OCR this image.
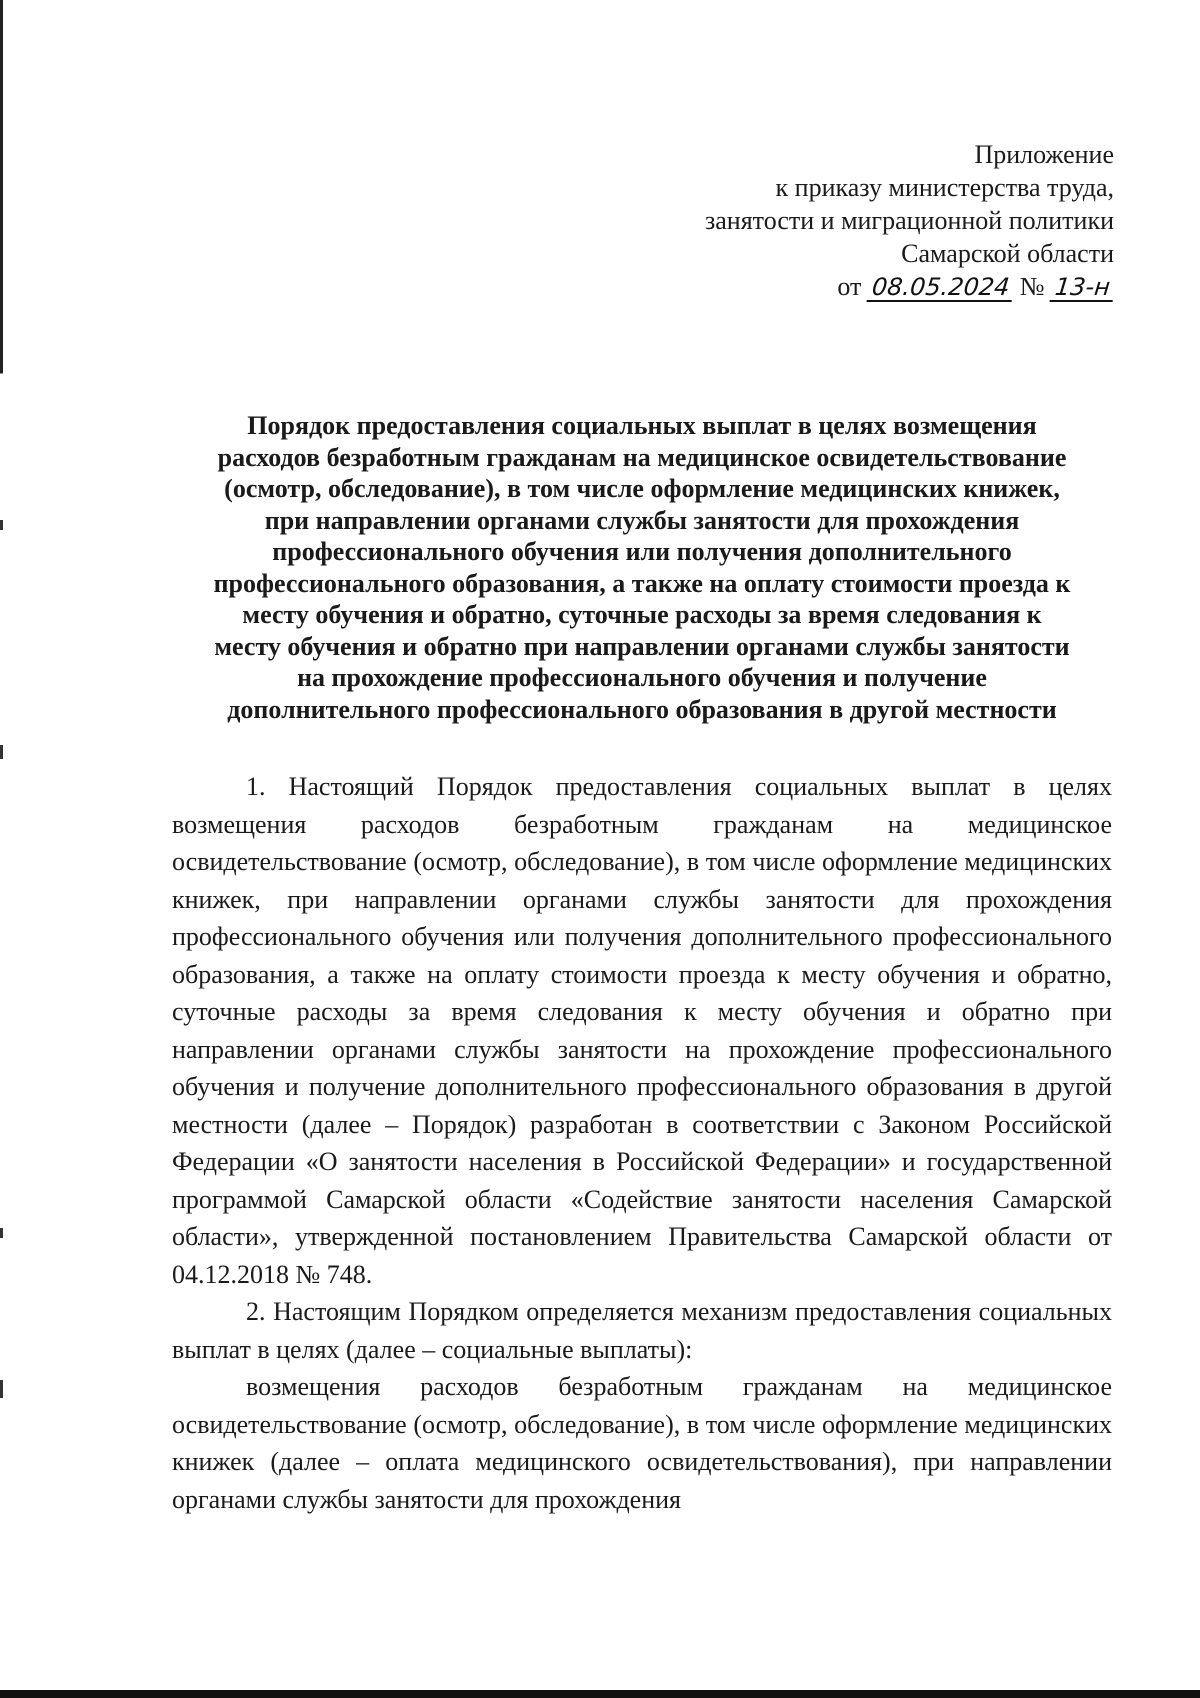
Приложение
к приказу министерства труда,
занятости и миграционной политики
Самарской области
от 08.05.2024 № 13-н
Порядок предоставления социальных выплат в целях возмещения
расходов безработным гражданам на медицинское освидетельствование
(осмотр, обследование), в том числе оформление медицинских книжек,
при направлении органами службы занятости для прохождения
профессионального обучения или получения дополнительного
профессионального образования, а также на оплату стоимости проезда к
месту обучения и обратно, суточные расходы за время следования к
месту обучения и обратно при направлении органами службы занятости
на прохождение профессионального обучения и получение
дополнительного профессионального образования в другой местности

1. Настоящий Порядок предоставления социальных выплат в целях возмещения расходов безработным гражданам на медицинское освидетельствование (осмотр, обследование), в том числе оформление медицинских книжек, при направлении органами службы занятости для прохождения профессионального обучения или получения дополнительного профессионального образования, а также на оплату стоимости проезда к месту обучения и обратно, суточные расходы за время следования к месту обучения и обратно при направлении органами службы занятости на прохождение профессионального обучения и получение дополнительного профессионального образования в другой местности (далее – Порядок) разработан в соответствии с Законом Российской Федерации «О занятости населения в Российской Федерации» и государственной программой Самарской области «Содействие занятости населения Самарской области», утвержденной постановлением Правительства Самарской области от 04.12.2018 № 748.

2. Настоящим Порядком определяется механизм предоставления социальных выплат в целях (далее – социальные выплаты):

возмещения расходов безработным гражданам на медицинское освидетельствование (осмотр, обследование), в том числе оформление медицинских книжек (далее – оплата медицинского освидетельствования), при направлении органами службы занятости для прохождения
